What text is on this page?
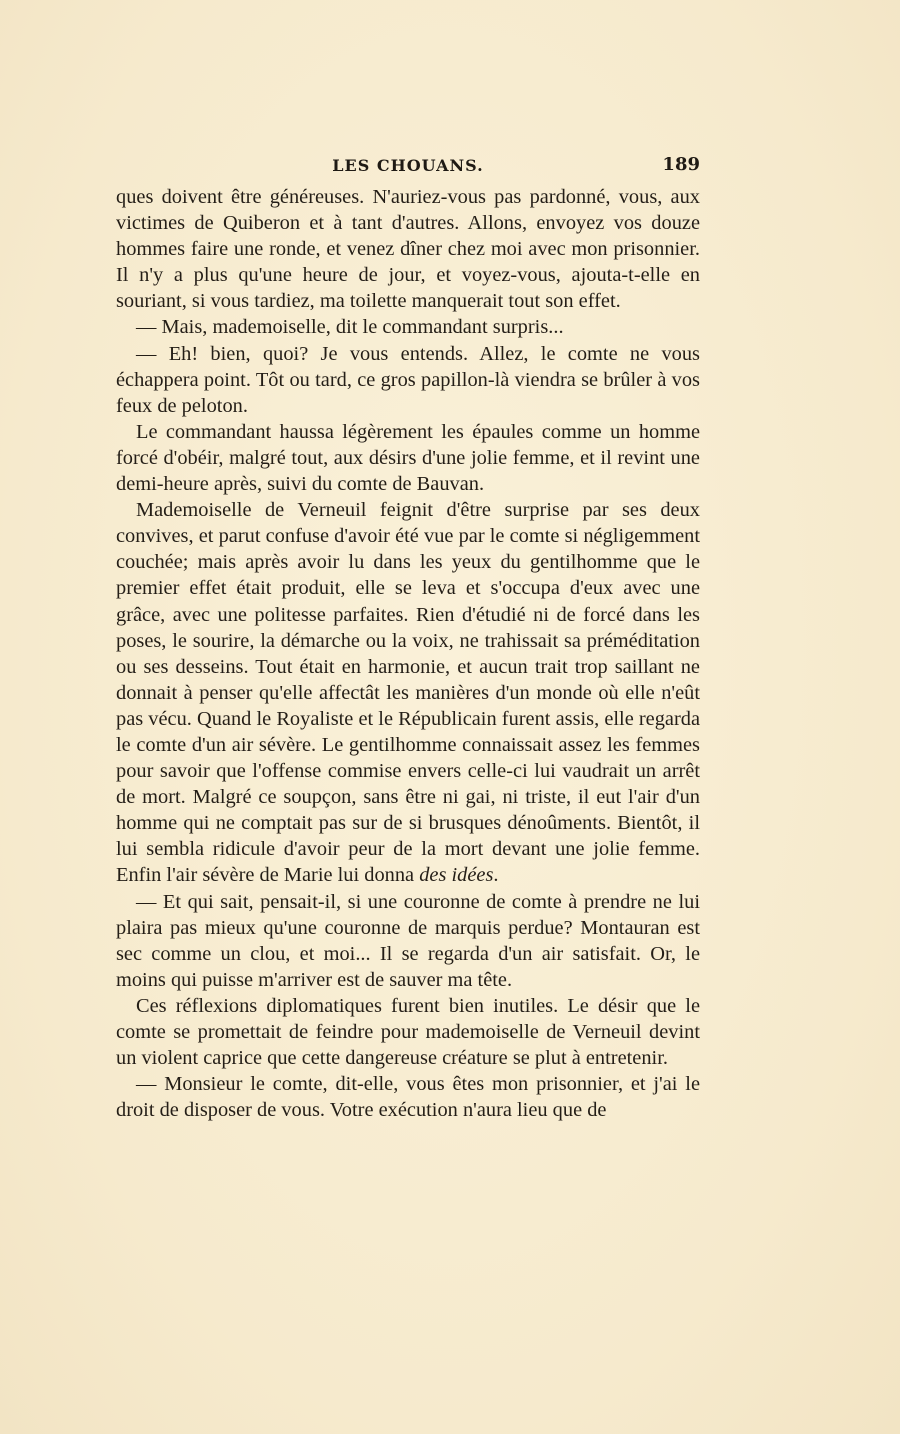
LES CHOUANS.	189

ques doivent être généreuses. N'auriez-vous pas pardonné, vous, aux victimes de Quiberon et à tant d'autres. Allons, envoyez vos douze hommes faire une ronde, et venez dîner chez moi avec mon prisonnier. Il n'y a plus qu'une heure de jour, et voyez-vous, ajouta-t-elle en souriant, si vous tardiez, ma toilette manquerait tout son effet.

— Mais, mademoiselle, dit le commandant surpris...

— Eh! bien, quoi? Je vous entends. Allez, le comte ne vous échappera point. Tôt ou tard, ce gros papillon-là viendra se brûler à vos feux de peloton.

Le commandant haussa légèrement les épaules comme un homme forcé d'obéir, malgré tout, aux désirs d'une jolie femme, et il revint une demi-heure après, suivi du comte de Bauvan.

Mademoiselle de Verneuil feignit d'être surprise par ses deux convives, et parut confuse d'avoir été vue par le comte si négligemment couchée; mais après avoir lu dans les yeux du gentilhomme que le premier effet était produit, elle se leva et s'occupa d'eux avec une grâce, avec une politesse parfaites. Rien d'étudié ni de forcé dans les poses, le sourire, la démarche ou la voix, ne trahissait sa préméditation ou ses desseins. Tout était en harmonie, et aucun trait trop saillant ne donnait à penser qu'elle affectât les manières d'un monde où elle n'eût pas vécu. Quand le Royaliste et le Républicain furent assis, elle regarda le comte d'un air sévère. Le gentilhomme connaissait assez les femmes pour savoir que l'offense commise envers celle-ci lui vaudrait un arrêt de mort. Malgré ce soupçon, sans être ni gai, ni triste, il eut l'air d'un homme qui ne comptait pas sur de si brusques dénoûments. Bientôt, il lui sembla ridicule d'avoir peur de la mort devant une jolie femme. Enfin l'air sévère de Marie lui donna des idées.

— Et qui sait, pensait-il, si une couronne de comte à prendre ne lui plaira pas mieux qu'une couronne de marquis perdue? Montauran est sec comme un clou, et moi... Il se regarda d'un air satisfait. Or, le moins qui puisse m'arriver est de sauver ma tête.

Ces réflexions diplomatiques furent bien inutiles. Le désir que le comte se promettait de feindre pour mademoiselle de Verneuil devint un violent caprice que cette dangereuse créature se plut à entretenir.

— Monsieur le comte, dit-elle, vous êtes mon prisonnier, et j'ai le droit de disposer de vous. Votre exécution n'aura lieu que de
